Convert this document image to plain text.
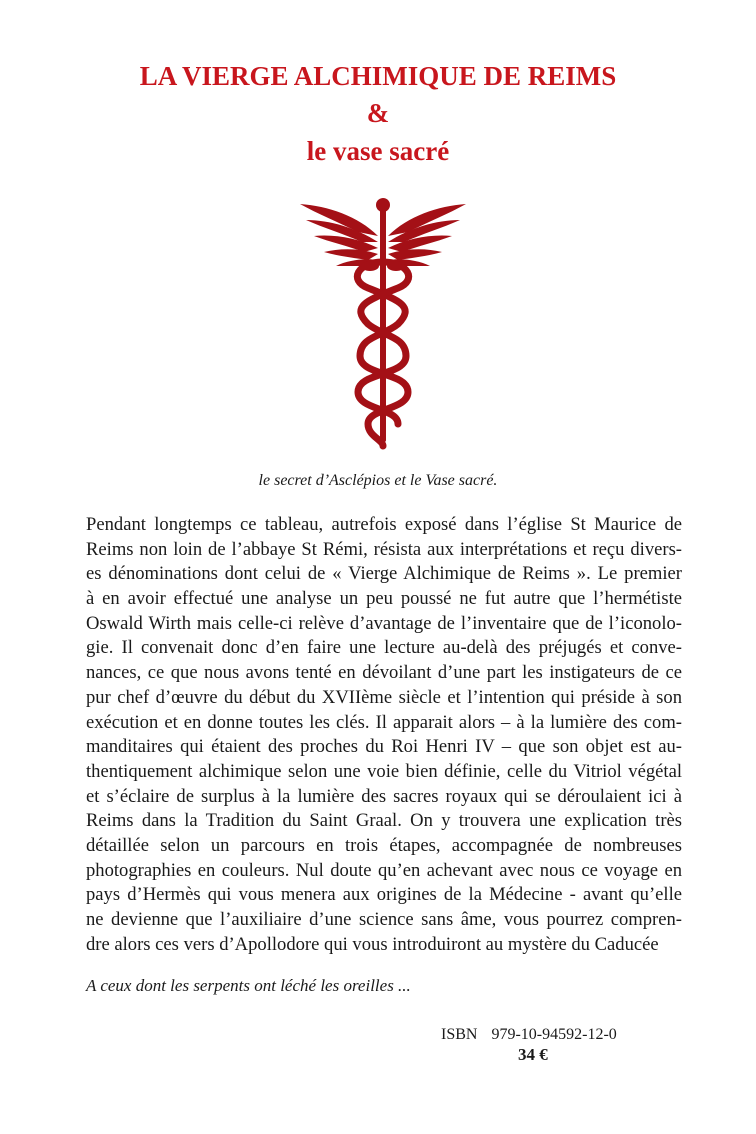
LA VIERGE ALCHIMIQUE DE REIMS
&
le vase sacré
le secret d’Asclépios et le Vase sacré.
Pendant longtemps ce tableau, autrefois exposé dans l’église St Maurice de
Reims non loin de l’abbaye St Rémi, résista aux interprétations et reçu divers-
es dénominations dont celui de « Vierge Alchimique de Reims ». Le premier
à en avoir effectué une analyse un peu poussé ne fut autre que l’hermétiste
Oswald Wirth mais celle-ci relève d’avantage de l’inventaire que de l’iconolo-
gie. Il convenait donc d’en faire une lecture au-delà des préjugés et conve-
nances, ce que nous avons tenté en dévoilant d’une part les instigateurs de ce
pur chef d’œuvre du début du XVIIème siècle et l’intention qui préside à son
exécution et en donne toutes les clés. Il apparait alors – à la lumière des com-
manditaires qui étaient des proches du Roi Henri IV – que son objet est au-
thentiquement alchimique selon une voie bien définie, celle du Vitriol végétal
et s’éclaire de surplus à la lumière des sacres royaux qui se déroulaient ici à
Reims dans la Tradition du Saint Graal. On y trouvera une explication très
détaillée selon un parcours en trois étapes, accompagnée de nombreuses
photographies en couleurs. Nul doute qu’en achevant avec nous ce voyage en
pays d’Hermès qui vous menera aux origines de la Médecine - avant qu’elle
ne devienne que l’auxiliaire d’une science sans âme, vous pourrez compren-
dre alors ces vers d’Apollodore qui vous introduiront au mystère du Caducée
A ceux dont les serpents ont léché les oreilles ...
ISBN 979-10-94592-12-0
34 €
